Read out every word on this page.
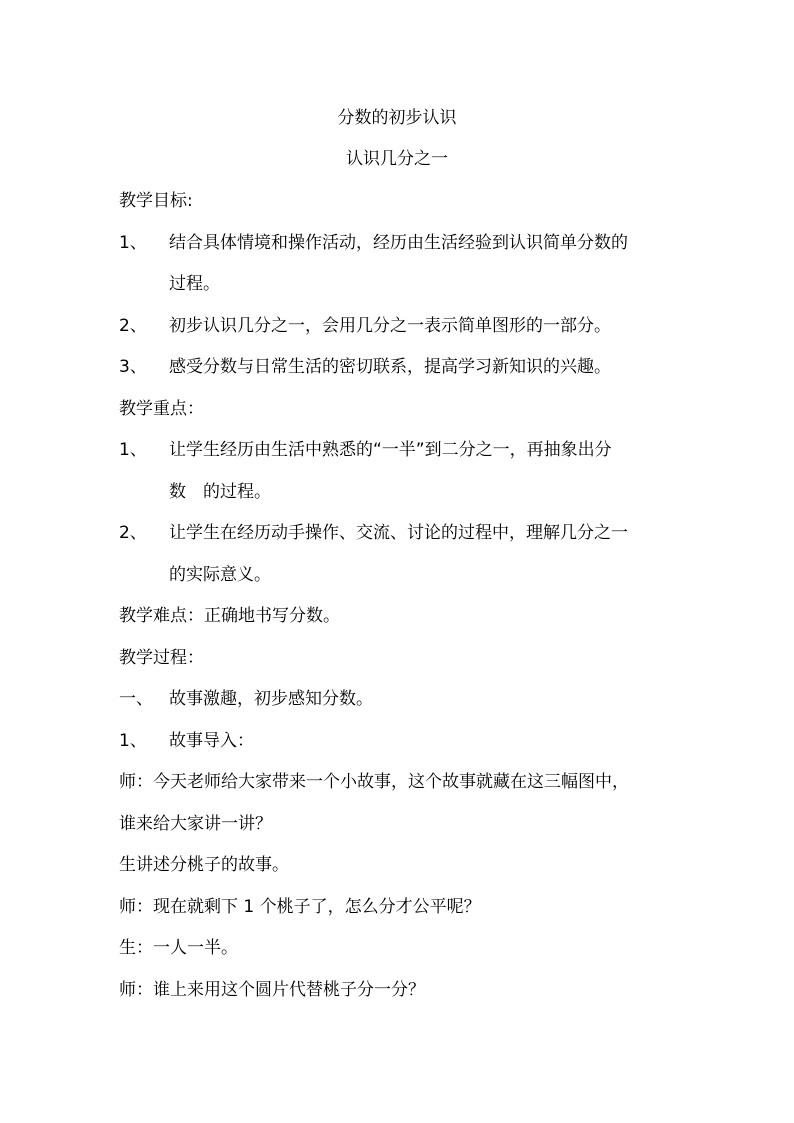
分数的初步认识
认识几分之一
教学目标:
1、 结合具体情境和操作活动，经历由生活经验到认识简单分数的
过程。
2、 初步认识几分之一，会用几分之一表示简单图形的一部分。
3、 感受分数与日常生活的密切联系，提高学习新知识的兴趣。
教学重点：
1、 让学生经历由生活中熟悉的“一半”到二分之一，再抽象出分
数　的过程。
2、 让学生在经历动手操作、交流、讨论的过程中，理解几分之一
的实际意义。
教学难点：正确地书写分数。
教学过程：
一、 故事激趣，初步感知分数。
1、 故事导入：
师：今天老师给大家带来一个小故事，这个故事就藏在这三幅图中，
谁来给大家讲一讲？
生讲述分桃子的故事。
师：现在就剩下 1 个桃子了，怎么分才公平呢？
生：一人一半。
师：谁上来用这个圆片代替桃子分一分？
